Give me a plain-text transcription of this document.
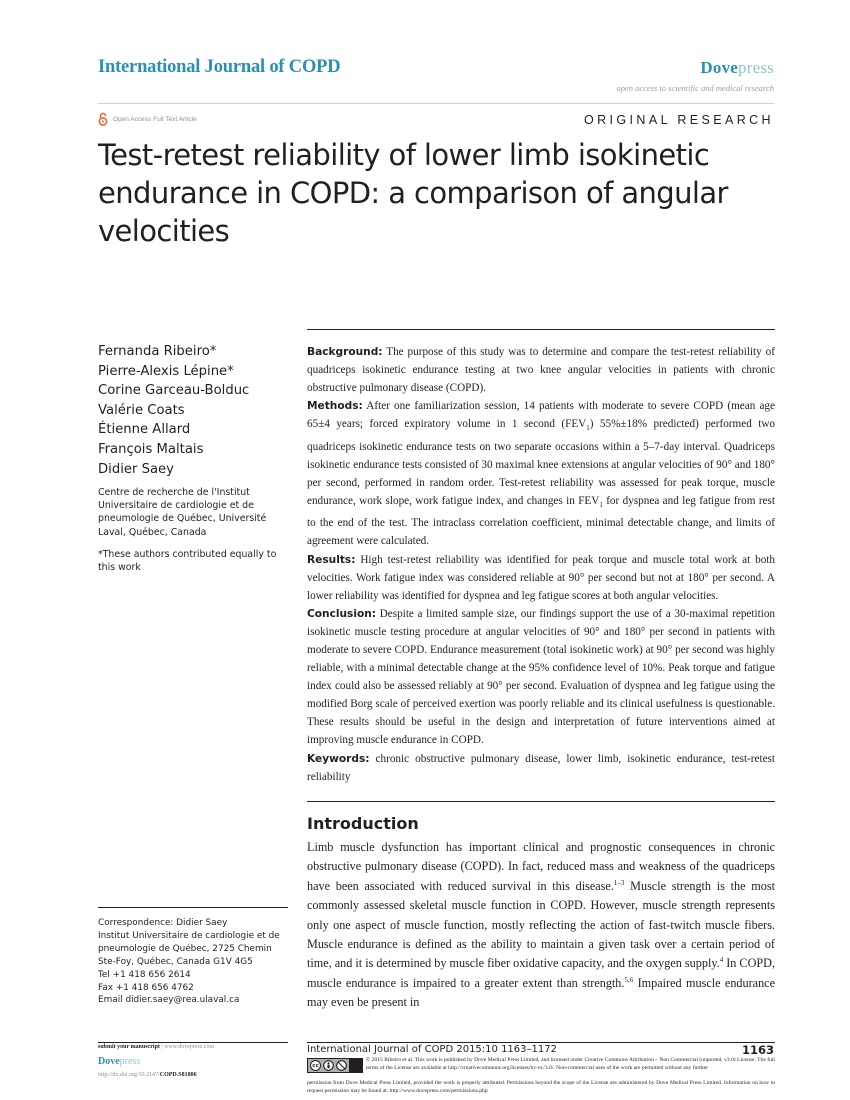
International Journal of COPD	Dovepress
open access to scientific and medical research
Open Access Full Text Article	ORIGINAL RESEARCH
Test-retest reliability of lower limb isokinetic endurance in COPD: a comparison of angular velocities
Fernanda Ribeiro*
Pierre-Alexis Lépine*
Corine Garceau-Bolduc
Valérie Coats
Étienne Allard
François Maltais
Didier Saey
Centre de recherche de l'Institut Universitaire de cardiologie et de pneumologie de Québec, Université Laval, Québec, Canada
*These authors contributed equally to this work
Correspondence: Didier Saey
Institut Universitaire de cardiologie et de
pneumologie de Québec, 2725 Chemin
Ste-Foy, Québec, Canada G1V 4G5
Tel +1 418 656 2614
Fax +1 418 656 4762
Email didier.saey@rea.ulaval.ca

Background: The purpose of this study was to determine and compare the test-retest reliability of quadriceps isokinetic endurance testing at two knee angular velocities in patients with chronic obstructive pulmonary disease (COPD).

Methods: After one familiarization session, 14 patients with moderate to severe COPD (mean age 65±4 years; forced expiratory volume in 1 second $(FEV_1)$ 55%±18% predicted) performed two quadriceps isokinetic endurance tests on two separate occasions within a 5–7-day interval. Quadriceps isokinetic endurance tests consisted of 30 maximal knee extensions at angular velocities of 90° and 180° per second, performed in random order. Test-retest reliability was assessed for peak torque, muscle endurance, work slope, work fatigue index, and changes in $FEV_1$ for dyspnea and leg fatigue from rest to the end of the test. The intraclass correlation coefficient, minimal detectable change, and limits of agreement were calculated.

Results: High test-retest reliability was identified for peak torque and muscle total work at both velocities. Work fatigue index was considered reliable at 90° per second but not at 180° per second. A lower reliability was identified for dyspnea and leg fatigue scores at both angular velocities.

Conclusion: Despite a limited sample size, our findings support the use of a 30-maximal repetition isokinetic muscle testing procedure at angular velocities of 90° and 180° per second in patients with moderate to severe COPD. Endurance measurement (total isokinetic work) at 90° per second was highly reliable, with a minimal detectable change at the 95% confidence level of 10%. Peak torque and fatigue index could also be assessed reliably at 90° per second. Evaluation of dyspnea and leg fatigue using the modified Borg scale of perceived exertion was poorly reliable and its clinical usefulness is questionable. These results should be useful in the design and interpretation of future interventions aimed at improving muscle endurance in COPD.

Keywords: chronic obstructive pulmonary disease, lower limb, isokinetic endurance, test-retest reliability

Introduction
Limb muscle dysfunction has important clinical and prognostic consequences in chronic obstructive pulmonary disease (COPD). In fact, reduced mass and weakness of the quadriceps have been associated with reduced survival in this disease.$^{1-3}$ Muscle strength is the most commonly assessed skeletal muscle function in COPD. However, muscle strength represents only one aspect of muscle function, mostly reflecting the action of fast-twitch muscle fibers. Muscle endurance is defined as the ability to maintain a given task over a certain period of time, and it is determined by muscle fiber oxidative capacity, and the oxygen supply.$^4$ In COPD, muscle endurance is impaired to a greater extent than strength.$^{5,6}$ Impaired muscle endurance may even be present in
submit your manuscript | www.dovepress.com
Dovepress
http://dx.doi.org/10.2147/COPD.S81806
International Journal of COPD 2015:10 1163–1172	1163
cc
© 2015 Ribeiro et al. This work is published by Dove Medical Press Limited, and licensed under Creative Commons Attribution – Non Commercial (unported, v3.0) License. The full terms of the License are available at http://creativecommons.org/licenses/by-nc/3.0/. Non-commercial uses of the work are permitted without any further
permission from Dove Medical Press Limited, provided the work is properly attributed. Permissions beyond the scope of the License are administered by Dove Medical Press Limited. Information on how to request permission may be found at: http://www.dovepress.com/permissions.php
